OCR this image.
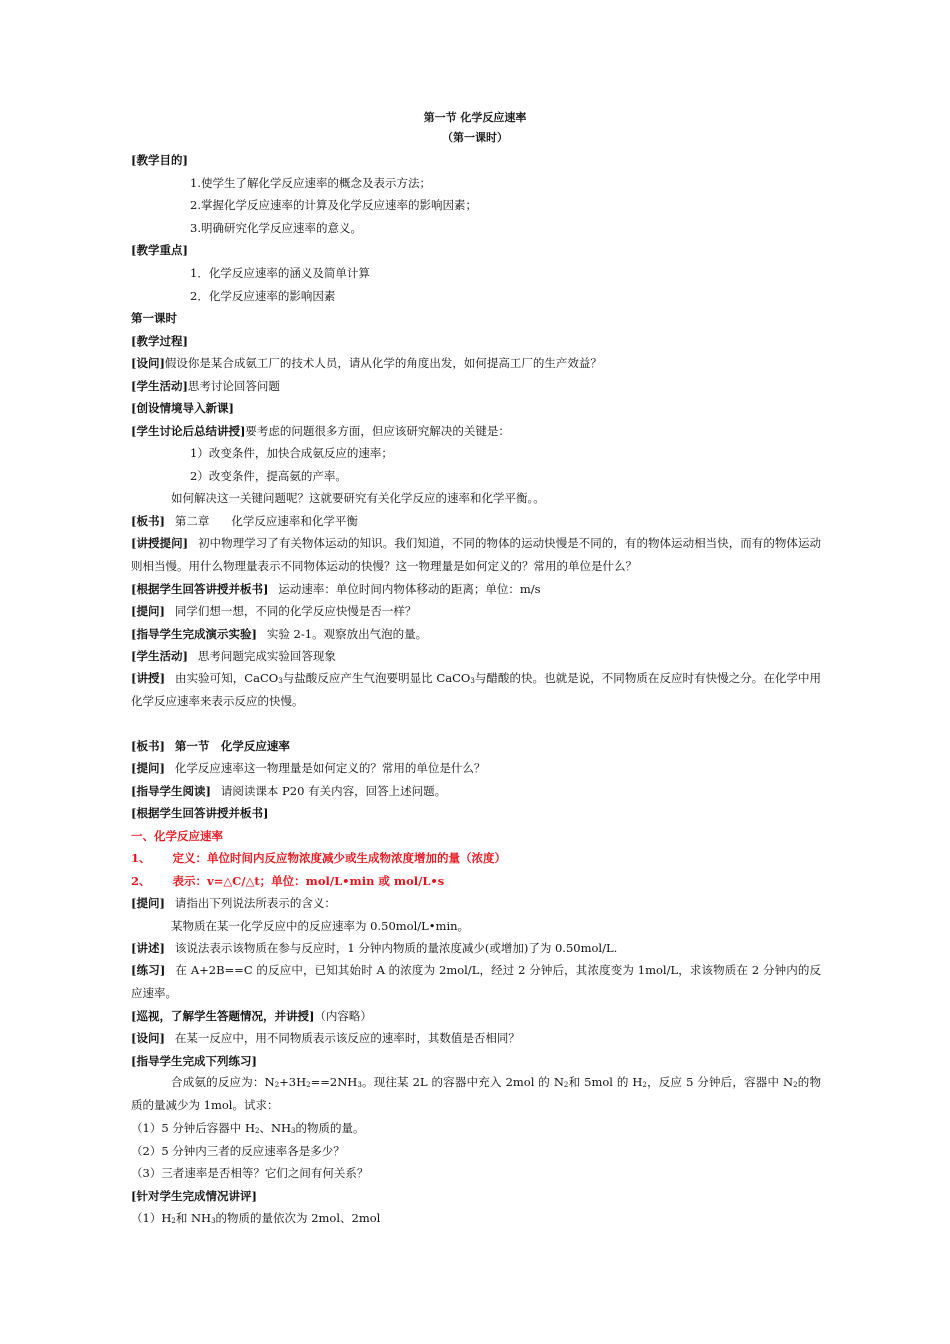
第一节 化学反应速率
（第一课时）
[教学目的]
1.使学生了解化学反应速率的概念及表示方法；
2.掌握化学反应速率的计算及化学反应速率的影响因素；
3.明确研究化学反应速率的意义。
[教学重点]
1．化学反应速率的涵义及简单计算
2．化学反应速率的影响因素
第一课时
[教学过程]
[设问]假设你是某合成氨工厂的技术人员，请从化学的角度出发，如何提高工厂的生产效益？
[学生活动]思考讨论回答问题
[创设情境导入新课]
[学生讨论后总结讲授]要考虑的问题很多方面，但应该研究解决的关键是：
1）改变条件，加快合成氨反应的速率；
2）改变条件，提高氨的产率。
如何解决这一关键问题呢？这就要研究有关化学反应的速率和化学平衡。。
[板书] 第二章 化学反应速率和化学平衡
[讲授提问] 初中物理学习了有关物体运动的知识。我们知道，不同的物体的运动快慢是不同的，有的物体运动相当快，而有的物体运动则相当慢。用什么物理量表示不同物体运动的快慢？这一物理量是如何定义的？常用的单位是什么？
[根据学生回答讲授并板书] 运动速率：单位时间内物体移动的距离；单位：m/s
[提问] 同学们想一想，不同的化学反应快慢是否一样？
[指导学生完成演示实验] 实验 2-1。观察放出气泡的量。
[学生活动] 思考问题完成实验回答现象
[讲授] 由实验可知，CaCO$_3$与盐酸反应产生气泡要明显比 CaCO$_3$与醋酸的快。也就是说，不同物质在反应时有快慢之分。在化学中用化学反应速率来表示反应的快慢。
[板书] 第一节　化学反应速率
[提问] 化学反应速率这一物理量是如何定义的？常用的单位是什么？
[指导学生阅读] 请阅读课本 P20 有关内容，回答上述问题。
[根据学生回答讲授并板书]
一、化学反应速率
1、 定义：单位时间内反应物浓度减少或生成物浓度增加的量（浓度）
2、 表示：v=△C/△t；单位：mol/L•min 或 mol/L•s
[提问] 请指出下列说法所表示的含义：
某物质在某一化学反应中的反应速率为 0.50mol/L•min。
[讲述] 该说法表示该物质在参与反应时，1 分钟内物质的量浓度减少(或增加)了为 0.50mol/L.
[练习] 在 A+2B==C 的反应中，已知其始时 A 的浓度为 2mol/L，经过 2 分钟后，其浓度变为 1mol/L，求该物质在 2 分钟内的反应速率。
[巡视，了解学生答题情况，并讲授]（内容略）
[设问] 在某一反应中，用不同物质表示该反应的速率时，其数值是否相同？
[指导学生完成下列练习]
合成氨的反应为：$N_2+3H_2==2NH_3$。现往某 2L 的容器中充入 2mol 的 $N_2$和 5mol 的 $H_2$，反应 5 分钟后，容器中 $N_2$的物质的量减少为 1mol。试求：
（1）5 分钟后容器中 $H_2$、$NH_3$的物质的量。
（2）5 分钟内三者的反应速率各是多少？
（3）三者速率是否相等？它们之间有何关系？
[针对学生完成情况讲评]
$(1)H_2$和 $NH_3$的物质的量依次为 2mol、2mol
